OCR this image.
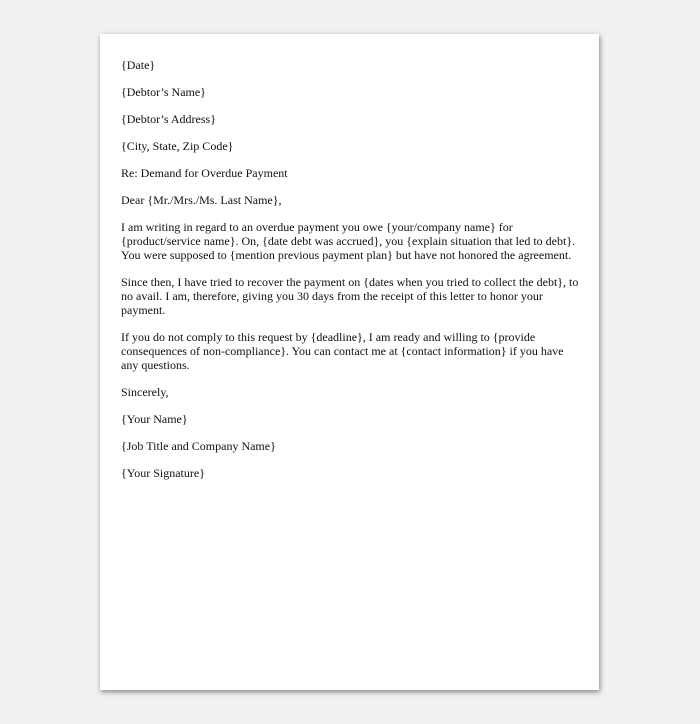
{Date}

{Debtor’s Name}

{Debtor’s Address}

{City, State, Zip Code}

Re: Demand for Overdue Payment

Dear {Mr./Mrs./Ms. Last Name},

I am writing in regard to an overdue payment you owe {your/company name} for {product/service name}. On, {date debt was accrued}, you {explain situation that led to debt}. You were supposed to {mention previous payment plan} but have not honored the agreement.

Since then, I have tried to recover the payment on {dates when you tried to collect the debt}, to no avail. I am, therefore, giving you 30 days from the receipt of this letter to honor your payment.

If you do not comply to this request by {deadline}, I am ready and willing to {provide consequences of non-compliance}. You can contact me at {contact information} if you have any questions.

Sincerely,

{Your Name}

{Job Title and Company Name}

{Your Signature}
